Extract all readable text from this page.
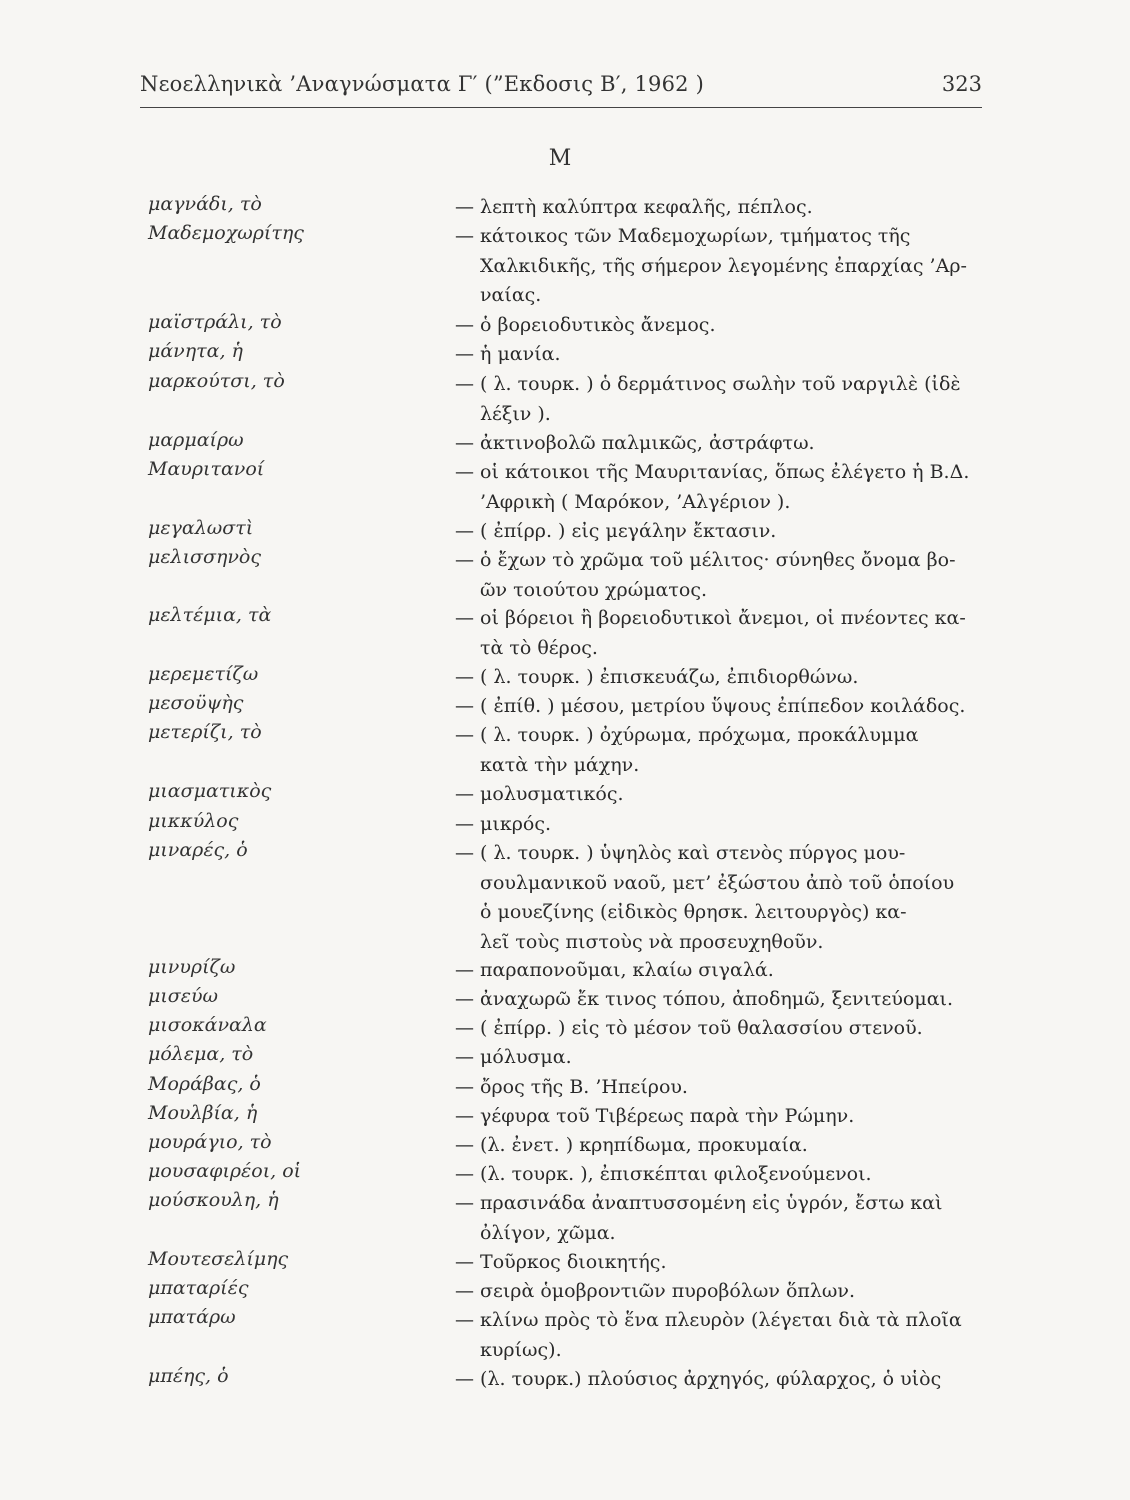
Νεοελληνικὰ ’Αναγνώσματα Γ′ (”Εκδοσις Β′, 1962 )	323
Μ
μαγνάδι, τὸ	— λεπτὴ καλύπτρα κεφαλῆς, πέπλος.
Μαδεμοχωρίτης	— κάτοικος τῶν Μαδεμοχωρίων, τμήματος τῆς
Χαλκιδικῆς, τῆς σήμερον λεγομένης ἐπαρχίας ’Αρ-
ναίας.
μαϊστράλι, τὸ	— ὁ βορειοδυτικὸς ἄνεμος.
μάνητα, ἡ	— ἡ μανία.
μαρκούτσι, τὸ	— ( λ. τουρκ. ) ὁ δερμάτινος σωλὴν τοῦ ναργιλὲ (ἰδὲ
λέξιν ).
μαρμαίρω	— ἀκτινοβολῶ παλμικῶς, ἀστράφτω.
Μαυριτανοί	— οἱ κάτοικοι τῆς Μαυριτανίας, ὅπως ἐλέγετο ἡ Β.Δ.
’Αφρικὴ ( Μαρόκον, ’Αλγέριον ).
μεγαλωστὶ	— ( ἐπίρρ. ) εἰς μεγάλην ἔκτασιν.
μελισσηνὸς	— ὁ ἔχων τὸ χρῶμα τοῦ μέλιτος· σύνηθες ὄνομα βο-
ῶν τοιούτου χρώματος.
μελτέμια, τὰ	— οἱ βόρειοι ἢ βορειοδυτικοὶ ἄνεμοι, οἱ πνέοντες κα-
τὰ τὸ θέρος.
μερεμετίζω	— ( λ. τουρκ. ) ἐπισκευάζω, ἐπιδιορθώνω.
μεσοϋψὴς	— ( ἐπίθ. ) μέσου, μετρίου ὕψους ἐπίπεδον κοιλάδος.
μετερίζι, τὸ	— ( λ. τουρκ. ) ὀχύρωμα, πρόχωμα, προκάλυμμα
κατὰ τὴν μάχην.
μιασματικὸς	— μολυσματικός.
μικκύλος	— μικρός.
μιναρές, ὁ	— ( λ. τουρκ. ) ὑψηλὸς καὶ στενὸς πύργος μου-
σουλμανικοῦ ναοῦ, μετ’ ἐξώστου ἀπὸ τοῦ ὁποίου
ὁ μουεζίνης (εἰδικὸς θρησκ. λειτουργὸς) κα-
λεῖ τοὺς πιστοὺς νὰ προσευχηθοῦν.
μινυρίζω	— παραπονοῦμαι, κλαίω σιγαλά.
μισεύω	— ἀναχωρῶ ἔκ τινος τόπου, ἀποδημῶ, ξενιτεύομαι.
μισοκάναλα	— ( ἐπίρρ. ) εἰς τὸ μέσον τοῦ θαλασσίου στενοῦ.
μόλεμα, τὸ	— μόλυσμα.
Μοράβας, ὁ	— ὄρος τῆς Β. ’Ηπείρου.
Μουλβία, ἡ	— γέφυρα τοῦ Τιβέρεως παρὰ τὴν Ρώμην.
μουράγιο, τὸ	— (λ. ἐνετ. ) κρηπίδωμα, προκυμαία.
μουσαφιρέοι, οἱ	— (λ. τουρκ. ), ἐπισκέπται φιλοξενούμενοι.
μούσκουλη, ἡ	— πρασινάδα ἀναπτυσσομένη εἰς ὑγρόν, ἔστω καὶ
ὀλίγον, χῶμα.
Μουτεσελίμης	— Τοῦρκος διοικητής.
μπαταρίές	— σειρὰ ὁμοβροντιῶν πυροβόλων ὅπλων.
μπατάρω	— κλίνω πρὸς τὸ ἕνα πλευρὸν (λέγεται διὰ τὰ πλοῖα
κυρίως).
μπέης, ὁ	— (λ. τουρκ.) πλούσιος ἀρχηγός, φύλαρχος, ὁ υἱὸς
